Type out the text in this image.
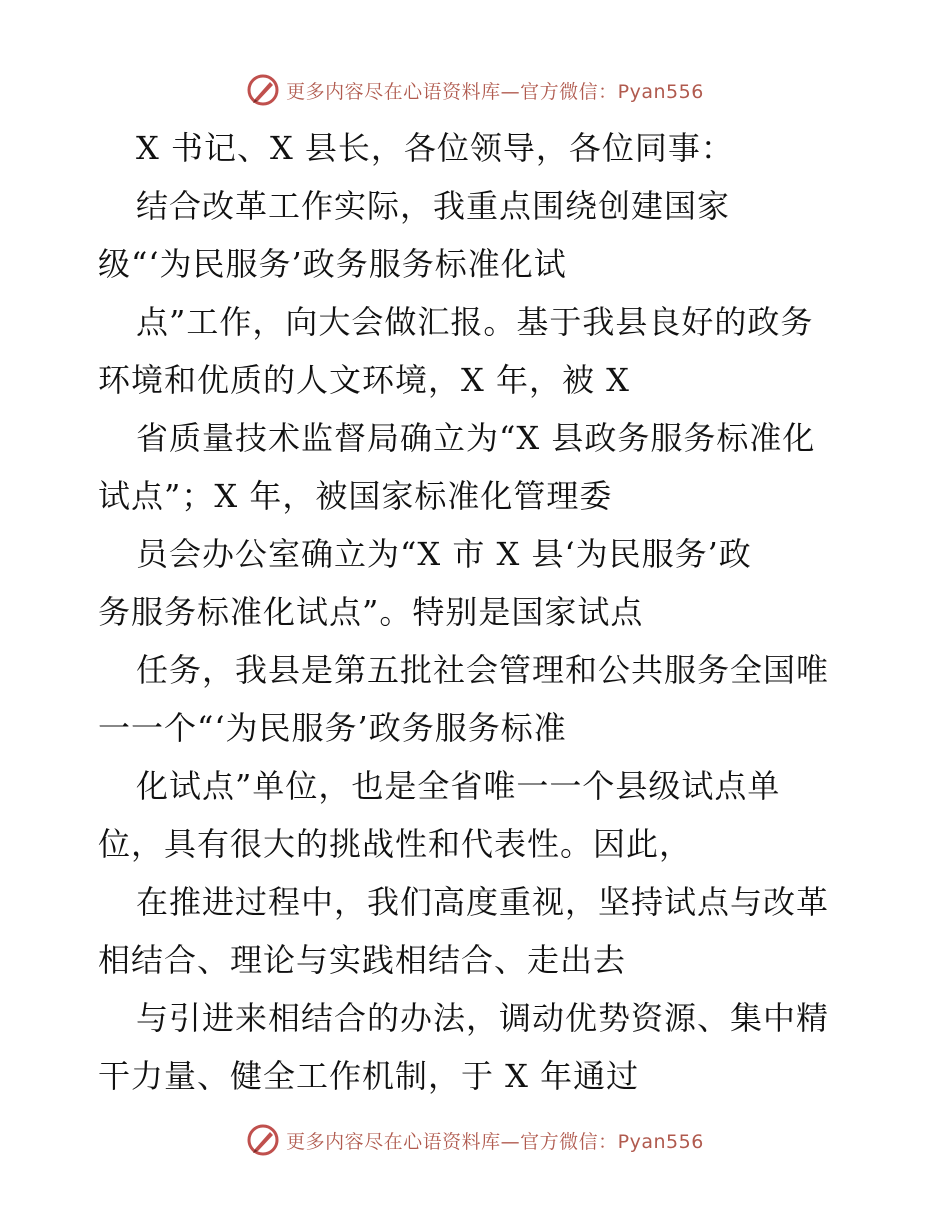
更多内容尽在心语资料库—官方微信：Pyan556
X 书记、X 县长，各位领导，各位同事：
结合改革工作实际，我重点围绕创建国家
级“‘为民服务’政务服务标准化试
点”工作，向大会做汇报。基于我县良好的政务
环境和优质的人文环境，X 年，被 X
省质量技术监督局确立为“X 县政务服务标准化
试点”；X 年，被国家标准化管理委
员会办公室确立为“X 市 X 县‘为民服务’政
务服务标准化试点”。特别是国家试点
任务，我县是第五批社会管理和公共服务全国唯
一一个“‘为民服务’政务服务标准
化试点”单位，也是全省唯一一个县级试点单
位，具有很大的挑战性和代表性。因此，
在推进过程中，我们高度重视，坚持试点与改革
相结合、理论与实践相结合、走出去
与引进来相结合的办法，调动优势资源、集中精
干力量、健全工作机制，于 X 年通过
更多内容尽在心语资料库—官方微信：Pyan556
